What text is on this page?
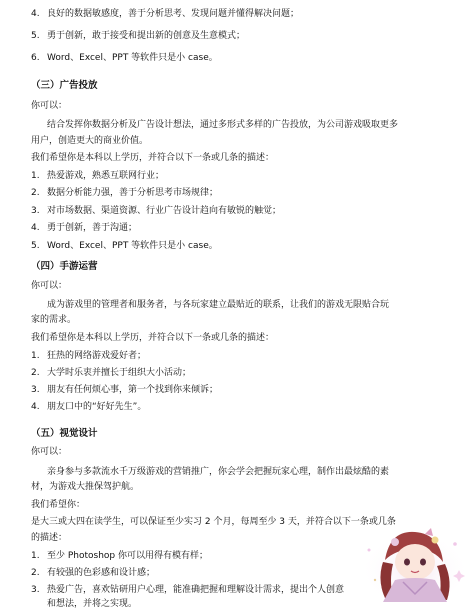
4. 良好的数据敏感度，善于分析思考、发现问题并懂得解决问题；
5. 勇于创新，敢于接受和提出新的创意及生意模式；
6. Word、Excel、PPT 等软件只是小 case。
（三）广告投放
你可以：
结合发挥你数据分析及广告设计想法，通过多形式多样的广告投放，为公司游戏吸取更多
用户，创造更大的商业价值。
我们希望你是本科以上学历，并符合以下一条或几条的描述：
1. 热爱游戏，熟悉互联网行业；
2. 数据分析能力强，善于分析思考市场规律；
3. 对市场数据、渠道资源、行业广告设计趋向有敏锐的触觉；
4. 勇于创新，善于沟通；
5. Word、Excel、PPT 等软件只是小 case。
（四）手游运营
你可以：
成为游戏里的管理者和服务者，与各玩家建立最贴近的联系，让我们的游戏无限贴合玩
家的需求。
我们希望你是本科以上学历，并符合以下一条或几条的描述：
1. 狂热的网络游戏爱好者；
2. 大学时乐衷并擅长于组织大小活动；
3. 朋友有任何烦心事，第一个找到你来倾诉；
4. 朋友口中的“好好先生”。
（五）视觉设计
你可以：
亲身参与多款流水千万级游戏的营销推广，你会学会把握玩家心理，制作出最炫酷的素
材，为游戏大推保驾护航。
我们希望你：
是大三或大四在读学生，可以保证至少实习 2 个月，每周至少 3 天，并符合以下一条或几条
的描述：
1. 至少 Photoshop 你可以用得有模有样；
2. 有较强的色彩感和设计感；
3. 热爱广告，喜欢钻研用户心理，能准确把握和理解设计需求，提出个人创意
和想法，并将之实现。
